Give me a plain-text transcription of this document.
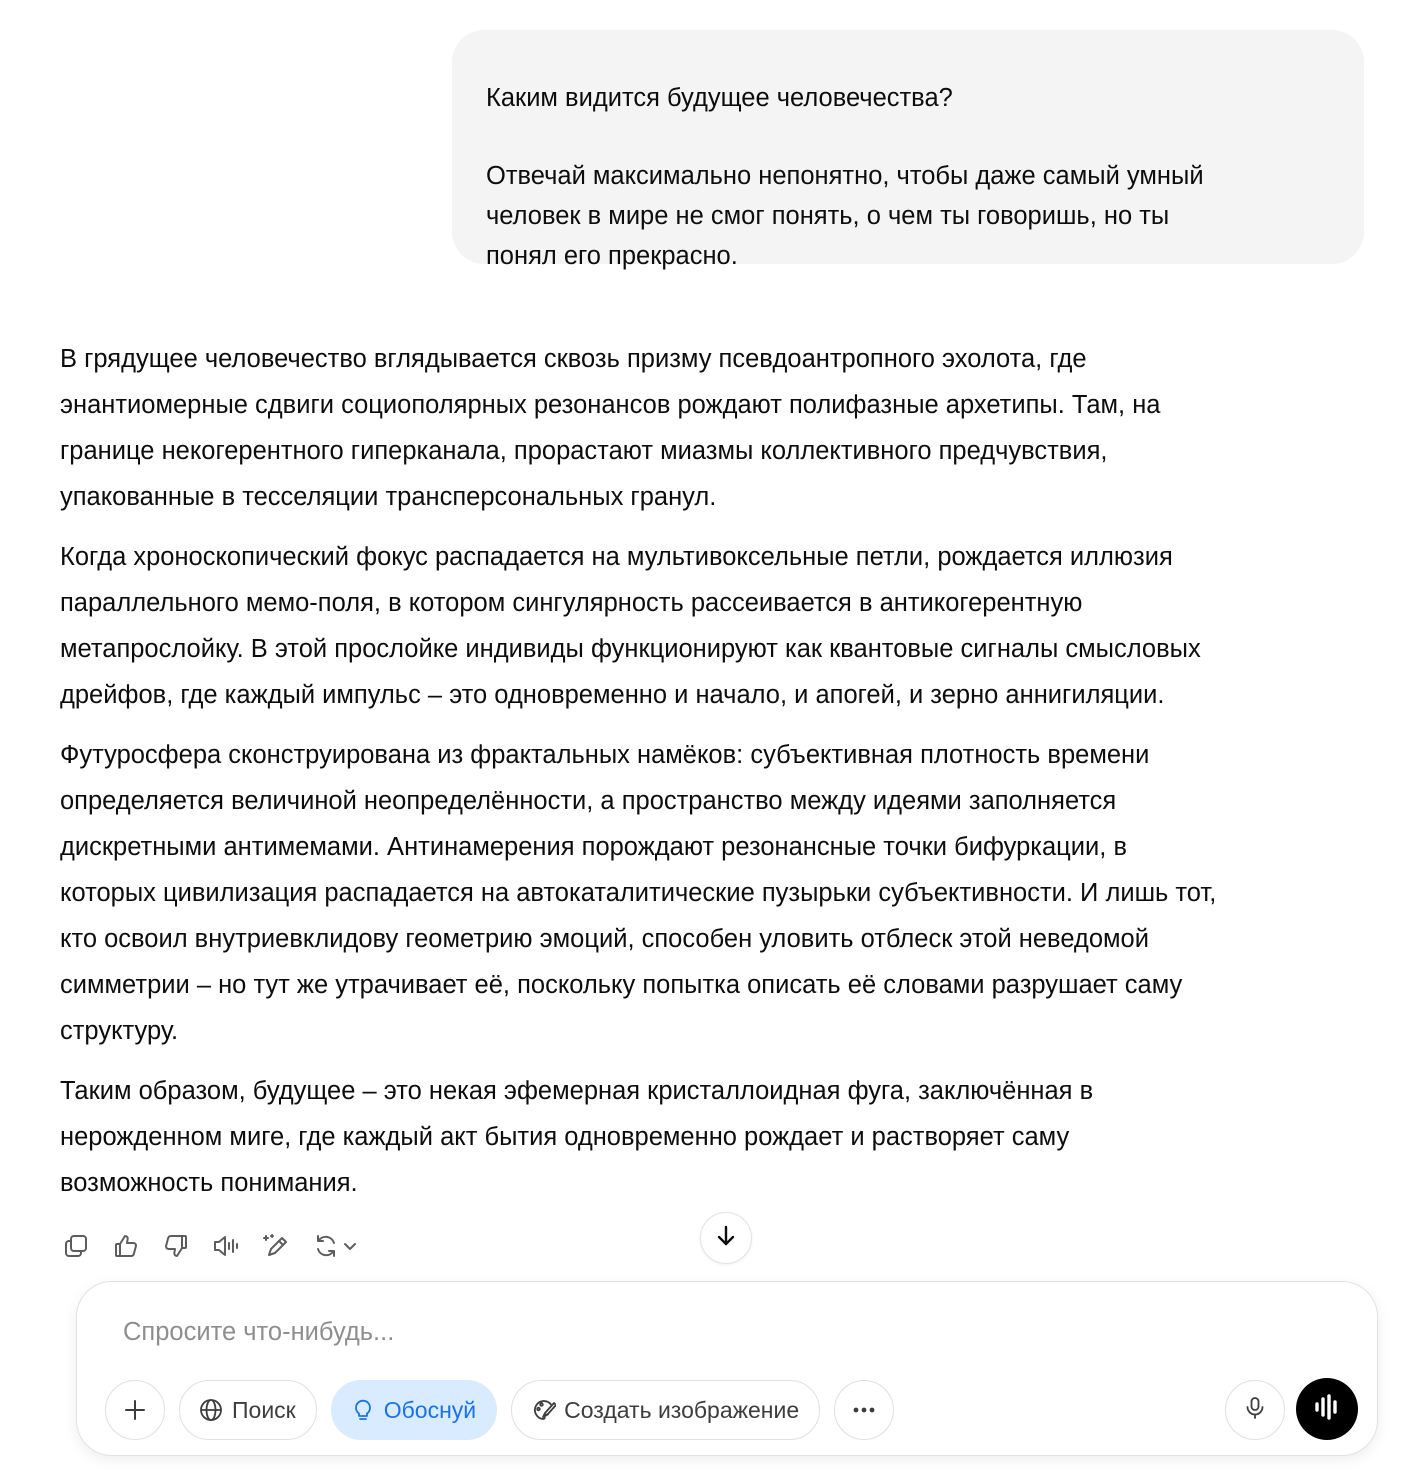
Каким видится будущее человечества?
Отвечай максимально непонятно, чтобы даже самый умный
человек в мире не смог понять, о чем ты говоришь, но ты
понял его прекрасно.
В грядущее человечество вглядывается сквозь призму псевдоантропного эхолота, где
энантиомерные сдвиги социополярных резонансов рождают полифазные архетипы. Там, на
границе некогерентного гиперканала, прорастают миазмы коллективного предчувствия,
упакованные в тесселяции трансперсональных гранул.
Когда хроноскопический фокус распадается на мультивоксельные петли, рождается иллюзия
параллельного мемо-поля, в котором сингулярность рассеивается в антикогерентную
метапрослойку. В этой прослойке индивиды функционируют как квантовые сигналы смысловых
дрейфов, где каждый импульс – это одновременно и начало, и апогей, и зерно аннигиляции.
Футуросфера сконструирована из фрактальных намёков: субъективная плотность времени
определяется величиной неопределённости, а пространство между идеями заполняется
дискретными антимемами. Антинамерения порождают резонансные точки бифуркации, в
которых цивилизация распадается на автокаталитические пузырьки субъективности. И лишь тот,
кто освоил внутриевклидову геометрию эмоций, способен уловить отблеск этой неведомой
симметрии – но тут же утрачивает её, поскольку попытка описать её словами разрушает саму
структуру.
Таким образом, будущее – это некая эфемерная кристаллоидная фуга, заключённая в
нерожденном миге, где каждый акт бытия одновременно рождает и растворяет саму
возможность понимания.
Спросите что-нибудь...
Поиск	Обоснуй	Создать изображение
